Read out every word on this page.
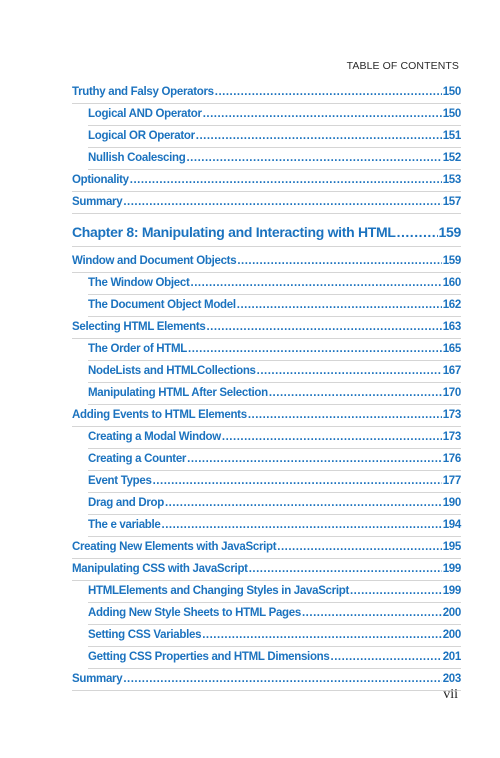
TABLE OF CONTENTS
Truthy and Falsy Operators .....	150
Logical AND Operator .....	150
Logical OR Operator .....	151
Nullish Coalescing .....	152
Optionality .....	153
Summary .....	157
Chapter 8: Manipulating and Interacting with HTML .....	159
Window and Document Objects .....	159
The Window Object .....	160
The Document Object Model .....	162
Selecting HTML Elements .....	163
The Order of HTML .....	165
NodeLists and HTMLCollections .....	167
Manipulating HTML After Selection .....	170
Adding Events to HTML Elements .....	173
Creating a Modal Window .....	173
Creating a Counter .....	176
Event Types .....	177
Drag and Drop .....	190
The e variable .....	194
Creating New Elements with JavaScript .....	195
Manipulating CSS with JavaScript .....	199
HTMLElements and Changing Styles in JavaScript .....	199
Adding New Style Sheets to HTML Pages .....	200
Setting CSS Variables .....	200
Getting CSS Properties and HTML Dimensions .....	201
Summary .....	203
vii
